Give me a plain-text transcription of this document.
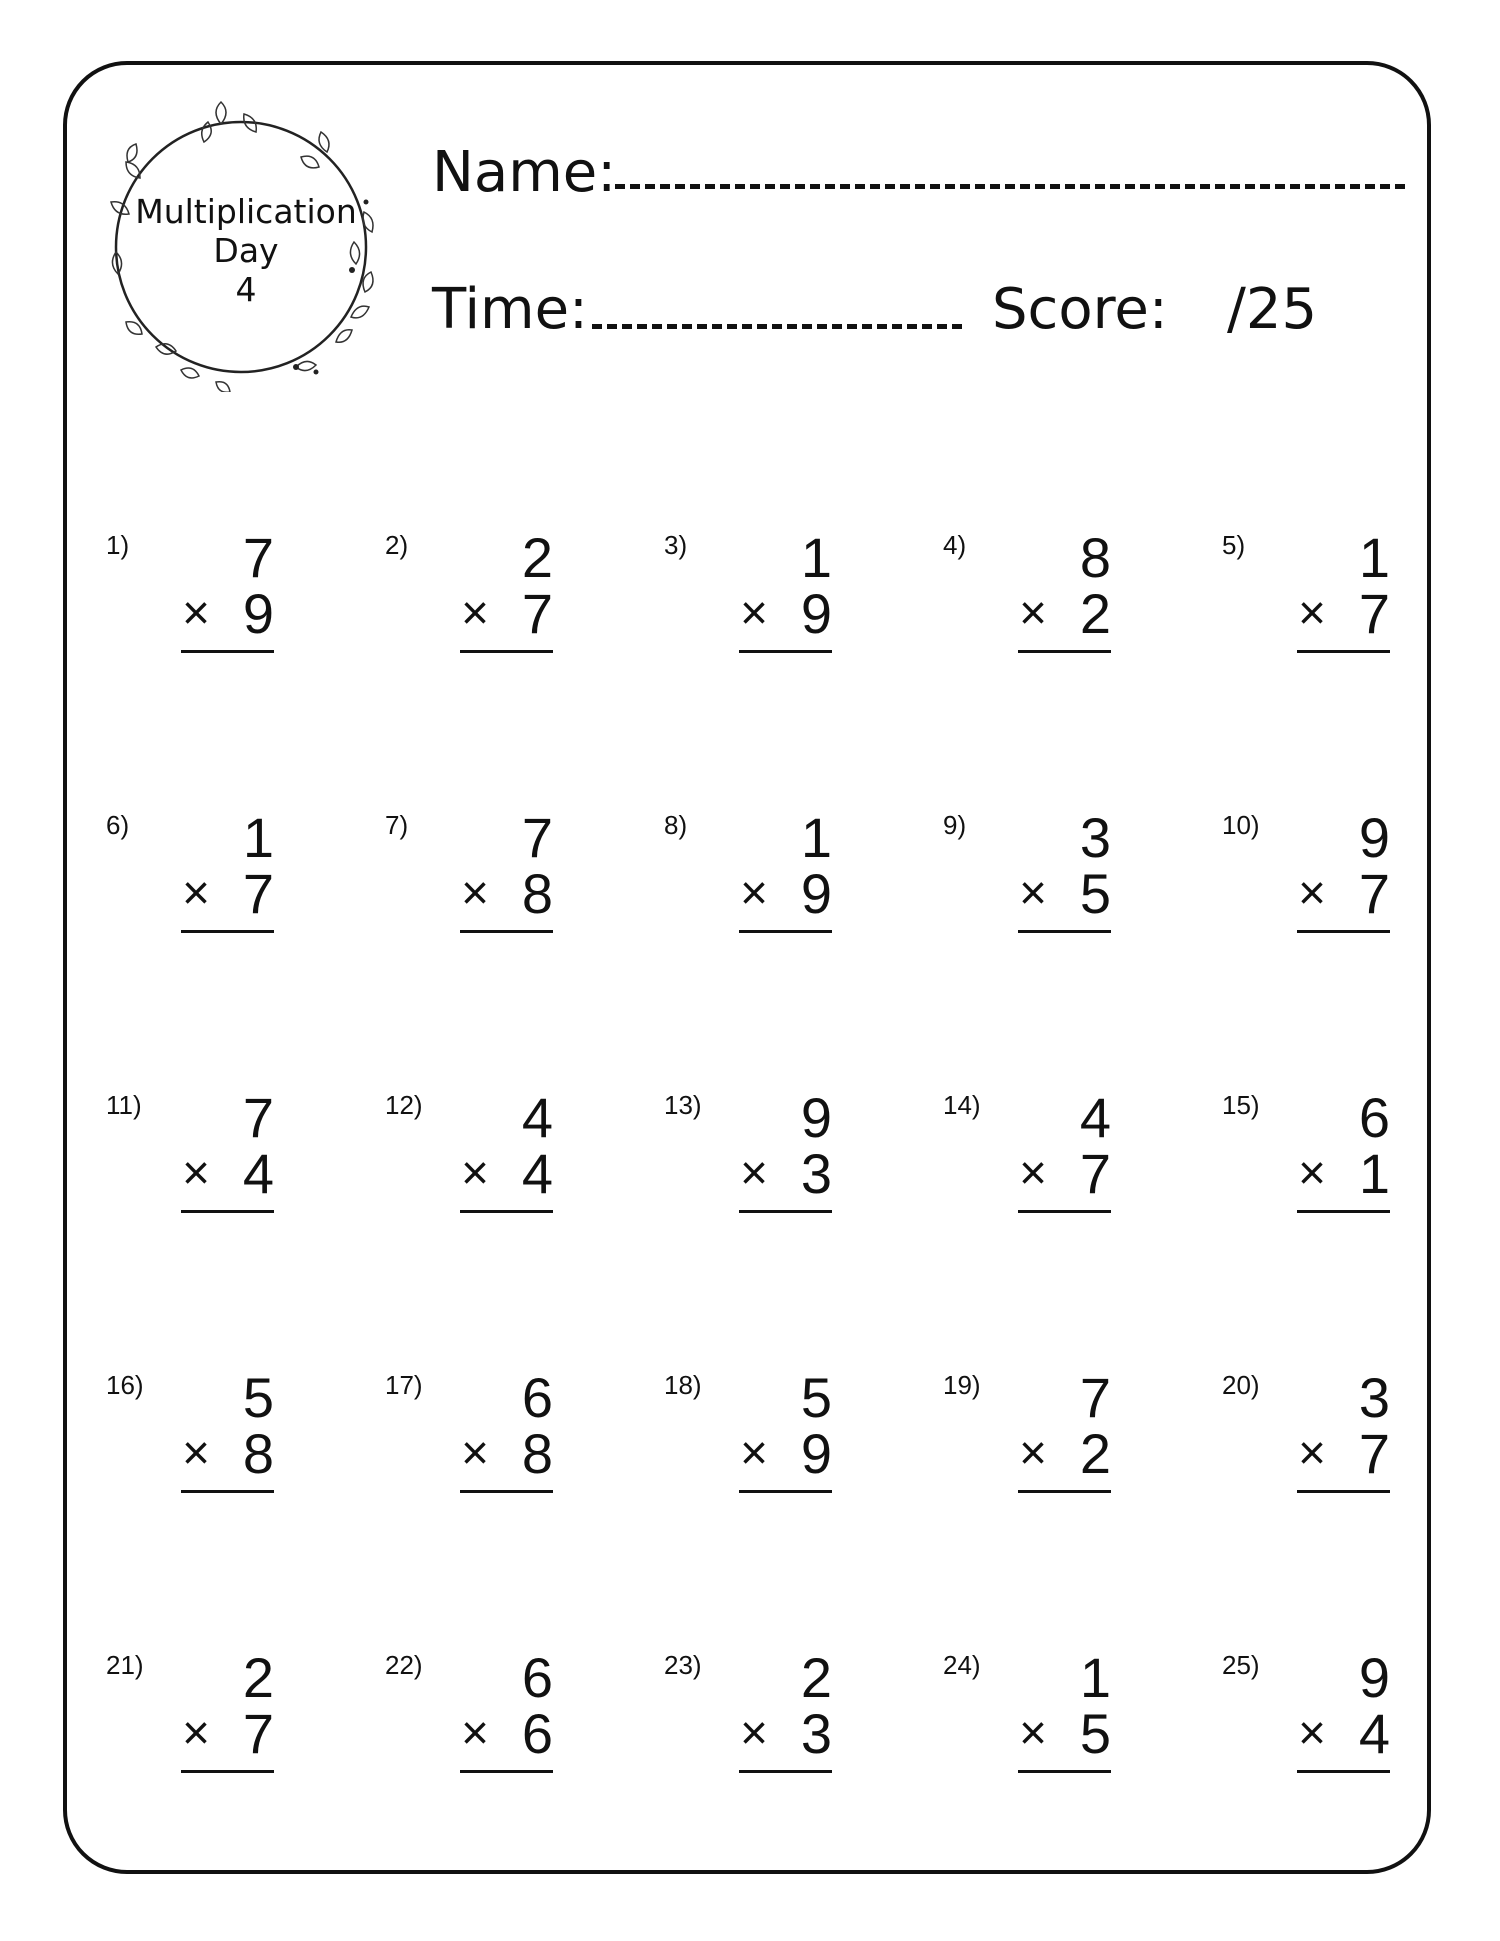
Multiplication
Day
4
Name:
Time:	Score: /25
1)	7
× 9
2)	2
× 7
3)	1
× 9
4)	8
× 2
5)	1
× 7
6)	1
× 7
7)	7
× 8
8)	1
× 9
9)	3
× 5
10)	9
× 7
11)	7
× 4
12)	4
× 4
13)	9
× 3
14)	4
× 7
15)	6
× 1
16)	5
× 8
17)	6
× 8
18)	5
× 9
19)	7
× 2
20)	3
× 7
21)	2
× 7
22)	6
× 6
23)	2
× 3
24)	1
× 5
25)	9
× 4
